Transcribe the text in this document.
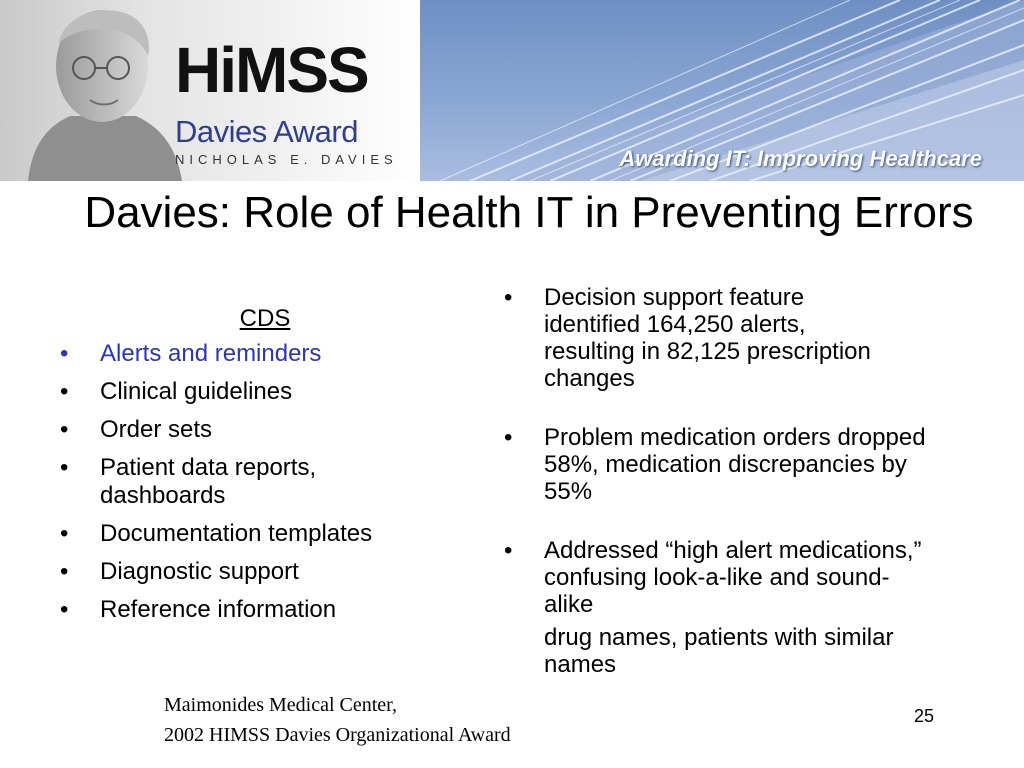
HiMSS
Davies Award
NICHOLAS E. DAVIES	Awarding IT: Improving Healthcare
Davies: Role of Health IT in Preventing Errors
CDS
•	Alerts and reminders
•	Clinical guidelines
•	Order sets
•	Patient data reports, dashboards
•	Documentation templates
•	Diagnostic support
•	Reference information
•	Decision support feature identified 164,250 alerts, resulting in 82,125 prescription changes
•	Problem medication orders dropped 58%, medication discrepancies by 55%
•	Addressed “high alert medications,” confusing look-a-like and sound-alike
drug names, patients with similar names
Maimonides Medical Center,
2002 HIMSS Davies Organizational Award
25
